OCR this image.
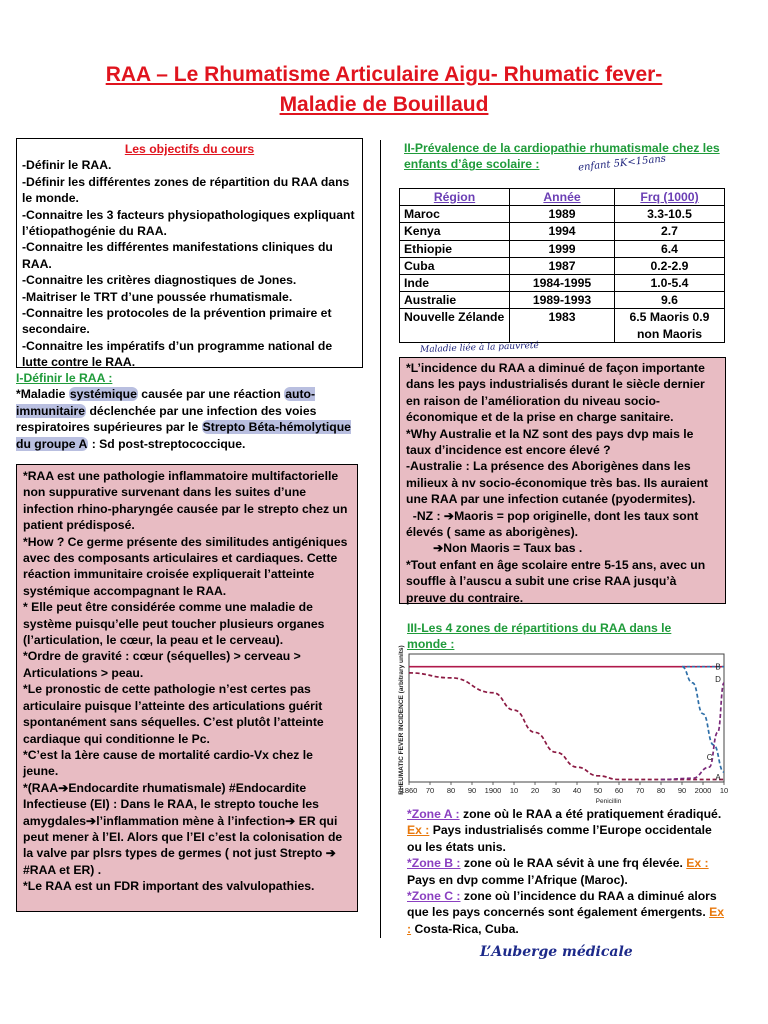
RAA – Le Rhumatisme Articulaire Aigu- Rhumatic fever-
Maladie de Bouillaud
Les objectifs du cours
-Définir le RAA.
-Définir les différentes zones de répartition du RAA dans le monde.
-Connaitre les 3 facteurs physiopathologiques expliquant l’étiopathogénie du RAA.
-Connaitre les différentes manifestations cliniques du RAA.
-Connaitre les critères diagnostiques de Jones.
-Maitriser le TRT d’une poussée rhumatismale.
-Connaitre les protocoles de la prévention primaire et secondaire.
-Connaitre les impératifs d’un programme national de lutte contre le RAA.
I-Définir le RAA :
*Maladie systémique causée par une réaction auto-immunitaire déclenchée par une infection des voies respiratoires supérieures par le Strepto Béta-hémolytique du groupe A : Sd post-streptococcique.

*RAA est une pathologie inflammatoire multifactorielle non suppurative survenant dans les suites d’une infection rhino-pharyngée causée par le strepto chez un patient prédisposé.

*How ? Ce germe présente des similitudes antigéniques avec des composants articulaires et cardiaques. Cette réaction immunitaire croisée expliquerait l’atteinte systémique accompagnant le RAA.

* Elle peut être considérée comme une maladie de système puisqu’elle peut toucher plusieurs organes (l’articulation, le cœur, la peau et le cerveau).

*Ordre de gravité : cœur (séquelles) > cerveau > Articulations > peau.

*Le pronostic de cette pathologie n’est certes pas articulaire puisque l’atteinte des articulations guérit spontanément sans séquelles. C’est plutôt l’atteinte cardiaque qui conditionne le Pc.

*C’est la 1ère cause de mortalité cardio-Vx chez le jeune.

*(RAA➔Endocardite rhumatismale) #Endocardite Infectieuse (EI) : Dans le RAA, le strepto touche les amygdales➔l’inflammation mène à l’infection➔ ER qui peut mener à l’EI. Alors que l’EI c’est la colonisation de la valve par plsrs types de germes ( not just Strepto ➔ #RAA et ER) .

*Le RAA est un FDR important des valvulopathies.

II-Prévalence de la cardiopathie rhumatismale chez les enfants d’âge scolaire :	enfant 5K<15ans
Région	Année	Frq (1000)
Maroc	1989	3.3-10.5
Kenya	1994	2.7
Ethiopie	1999	6.4
Cuba	1987	0.2-2.9
Inde	1984-1995	1.0-5.4
Australie	1989-1993	9.6
Nouvelle Zélande	1983	6.5 Maoris 0.9 non Maoris
Maladie liée à la pauvreté

*L’incidence du RAA a diminué de façon importante dans les pays industrialisés durant le siècle dernier en raison de l’amélioration du niveau socio-économique et de la prise en charge sanitaire.

*Why Australie et la NZ sont des pays dvp mais le taux d’incidence est encore élevé ?

-Australie : La présence des Aborigènes dans les milieux à nv socio-économique très bas. Ils auraient une RAA par une infection cutanée (pyodermites).

-NZ : ➔Maoris = pop originelle, dont les taux sont élevés ( same as aborigènes).

➔Non Maoris = Taux bas .

*Tout enfant en âge scolaire entre 5-15 ans, avec un souffle à l’auscu a subit une crise RAA jusqu’à preuve du contraire.

III-Les 4 zones de répartitions du RAA dans le monde :
RHEUMATIC FEVER INCIDENCE (arbitrary units)
1860 70 80 90 1900 10 20 30 40 50 60 70 80 90 2000 10
Penicillin
B
D
C
A
*Zone A : zone où le RAA a été pratiquement éradiqué. Ex : Pays industrialisés comme l’Europe occidentale ou les états unis.
*Zone B : zone où le RAA sévit à une frq élevée. Ex : Pays en dvp comme l’Afrique (Maroc).
*Zone C : zone où l’incidence du RAA a diminué alors que les pays concernés sont également émergents. Ex : Costa-Rica, Cuba.
L’Auberge médicale
